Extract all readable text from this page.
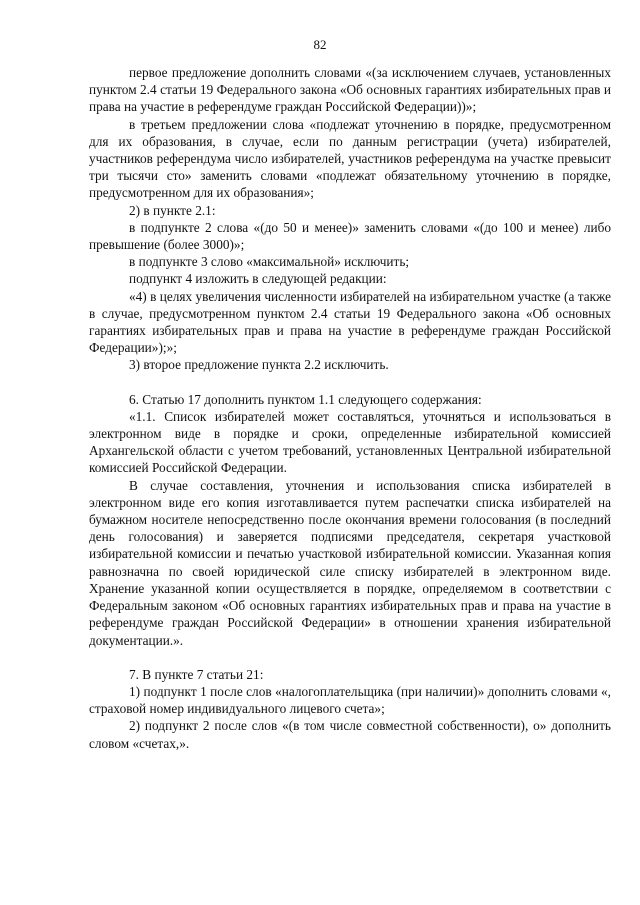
82

первое предложение дополнить словами «(за исключением случаев, установленных пунктом 2.4 статьи 19 Федерального закона «Об основных гарантиях избирательных прав и права на участие в референдуме граждан Российской Федерации))»;

в третьем предложении слова «подлежат уточнению в порядке, предусмотренном для их образования, в случае, если по данным регистрации (учета) избирателей, участников референдума число избирателей, участников референдума на участке превысит три тысячи сто» заменить словами «подлежат обязательному уточнению в порядке, предусмотренном для их образования»;

2) в пункте 2.1:

в подпункте 2 слова «(до 50 и менее)» заменить словами «(до 100 и менее) либо превышение (более 3000)»;

в подпункте 3 слово «максимальной» исключить;

подпункт 4 изложить в следующей редакции:

«4) в целях увеличения численности избирателей на избирательном участке (а также в случае, предусмотренном пунктом 2.4 статьи 19 Федерального закона «Об основных гарантиях избирательных прав и права на участие в референдуме граждан Российской Федерации»);»;

3) второе предложение пункта 2.2 исключить.

6. Статью 17 дополнить пунктом 1.1 следующего содержания:

«1.1. Список избирателей может составляться, уточняться и использоваться в электронном виде в порядке и сроки, определенные избирательной комиссией Архангельской области с учетом требований, установленных Центральной избирательной комиссией Российской Федерации.

В случае составления, уточнения и использования списка избирателей в электронном виде его копия изготавливается путем распечатки списка избирателей на бумажном носителе непосредственно после окончания времени голосования (в последний день голосования) и заверяется подписями председателя, секретаря участковой избирательной комиссии и печатью участковой избирательной комиссии. Указанная копия равнозначна по своей юридической силе списку избирателей в электронном виде. Хранение указанной копии осуществляется в порядке, определяемом в соответствии с Федеральным законом «Об основных гарантиях избирательных прав и права на участие в референдуме граждан Российской Федерации» в отношении хранения избирательной документации.».

7. В пункте 7 статьи 21:

1) подпункт 1 после слов «налогоплательщика (при наличии)» дополнить словами «, страховой номер индивидуального лицевого счета»;

2) подпункт 2 после слов «(в том числе совместной собственности), о» дополнить словом «счетах,».
